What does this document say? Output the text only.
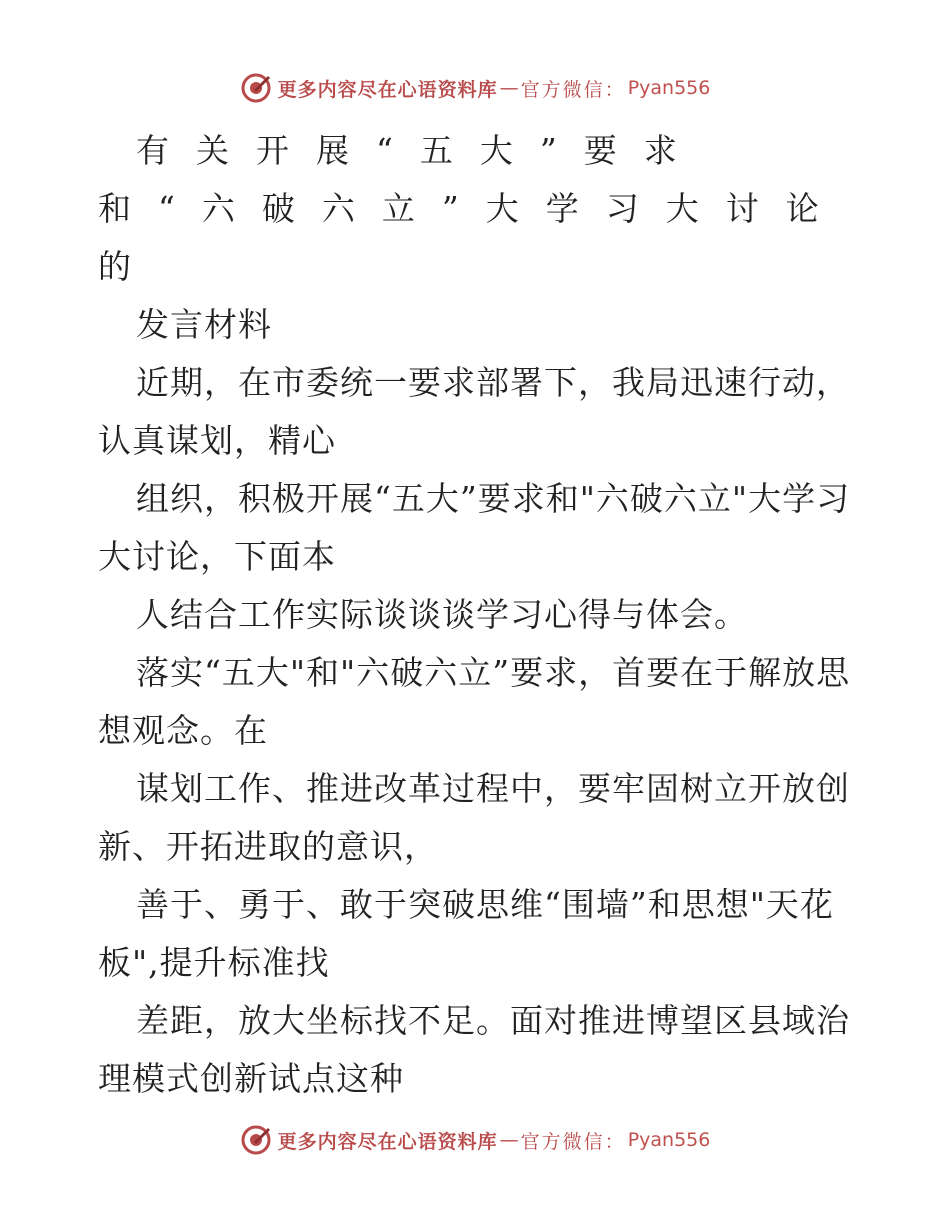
更多内容尽在心语资料库 — 官方微信： Pyan556

有关开展“五大”要求和“六破六立”大学习大讨论的

发言材料

近期，在市委统一要求部署下，我局迅速行动，认真谋划，精心

组织，积极开展“五大”要求和"六破六立"大学习大讨论，下面本

人结合工作实际谈谈谈学习心得与体会。

落实“五大"和"六破六立”要求，首要在于解放思想观念。在

谋划工作、推进改革过程中，要牢固树立开放创新、开拓进取的意识，

善于、勇于、敢于突破思维“围墙”和思想"天花板",提升标准找

差距，放大坐标找不足。面对推进博望区县域治理模式创新试点这种

更多内容尽在心语资料库 — 官方微信： Pyan556
